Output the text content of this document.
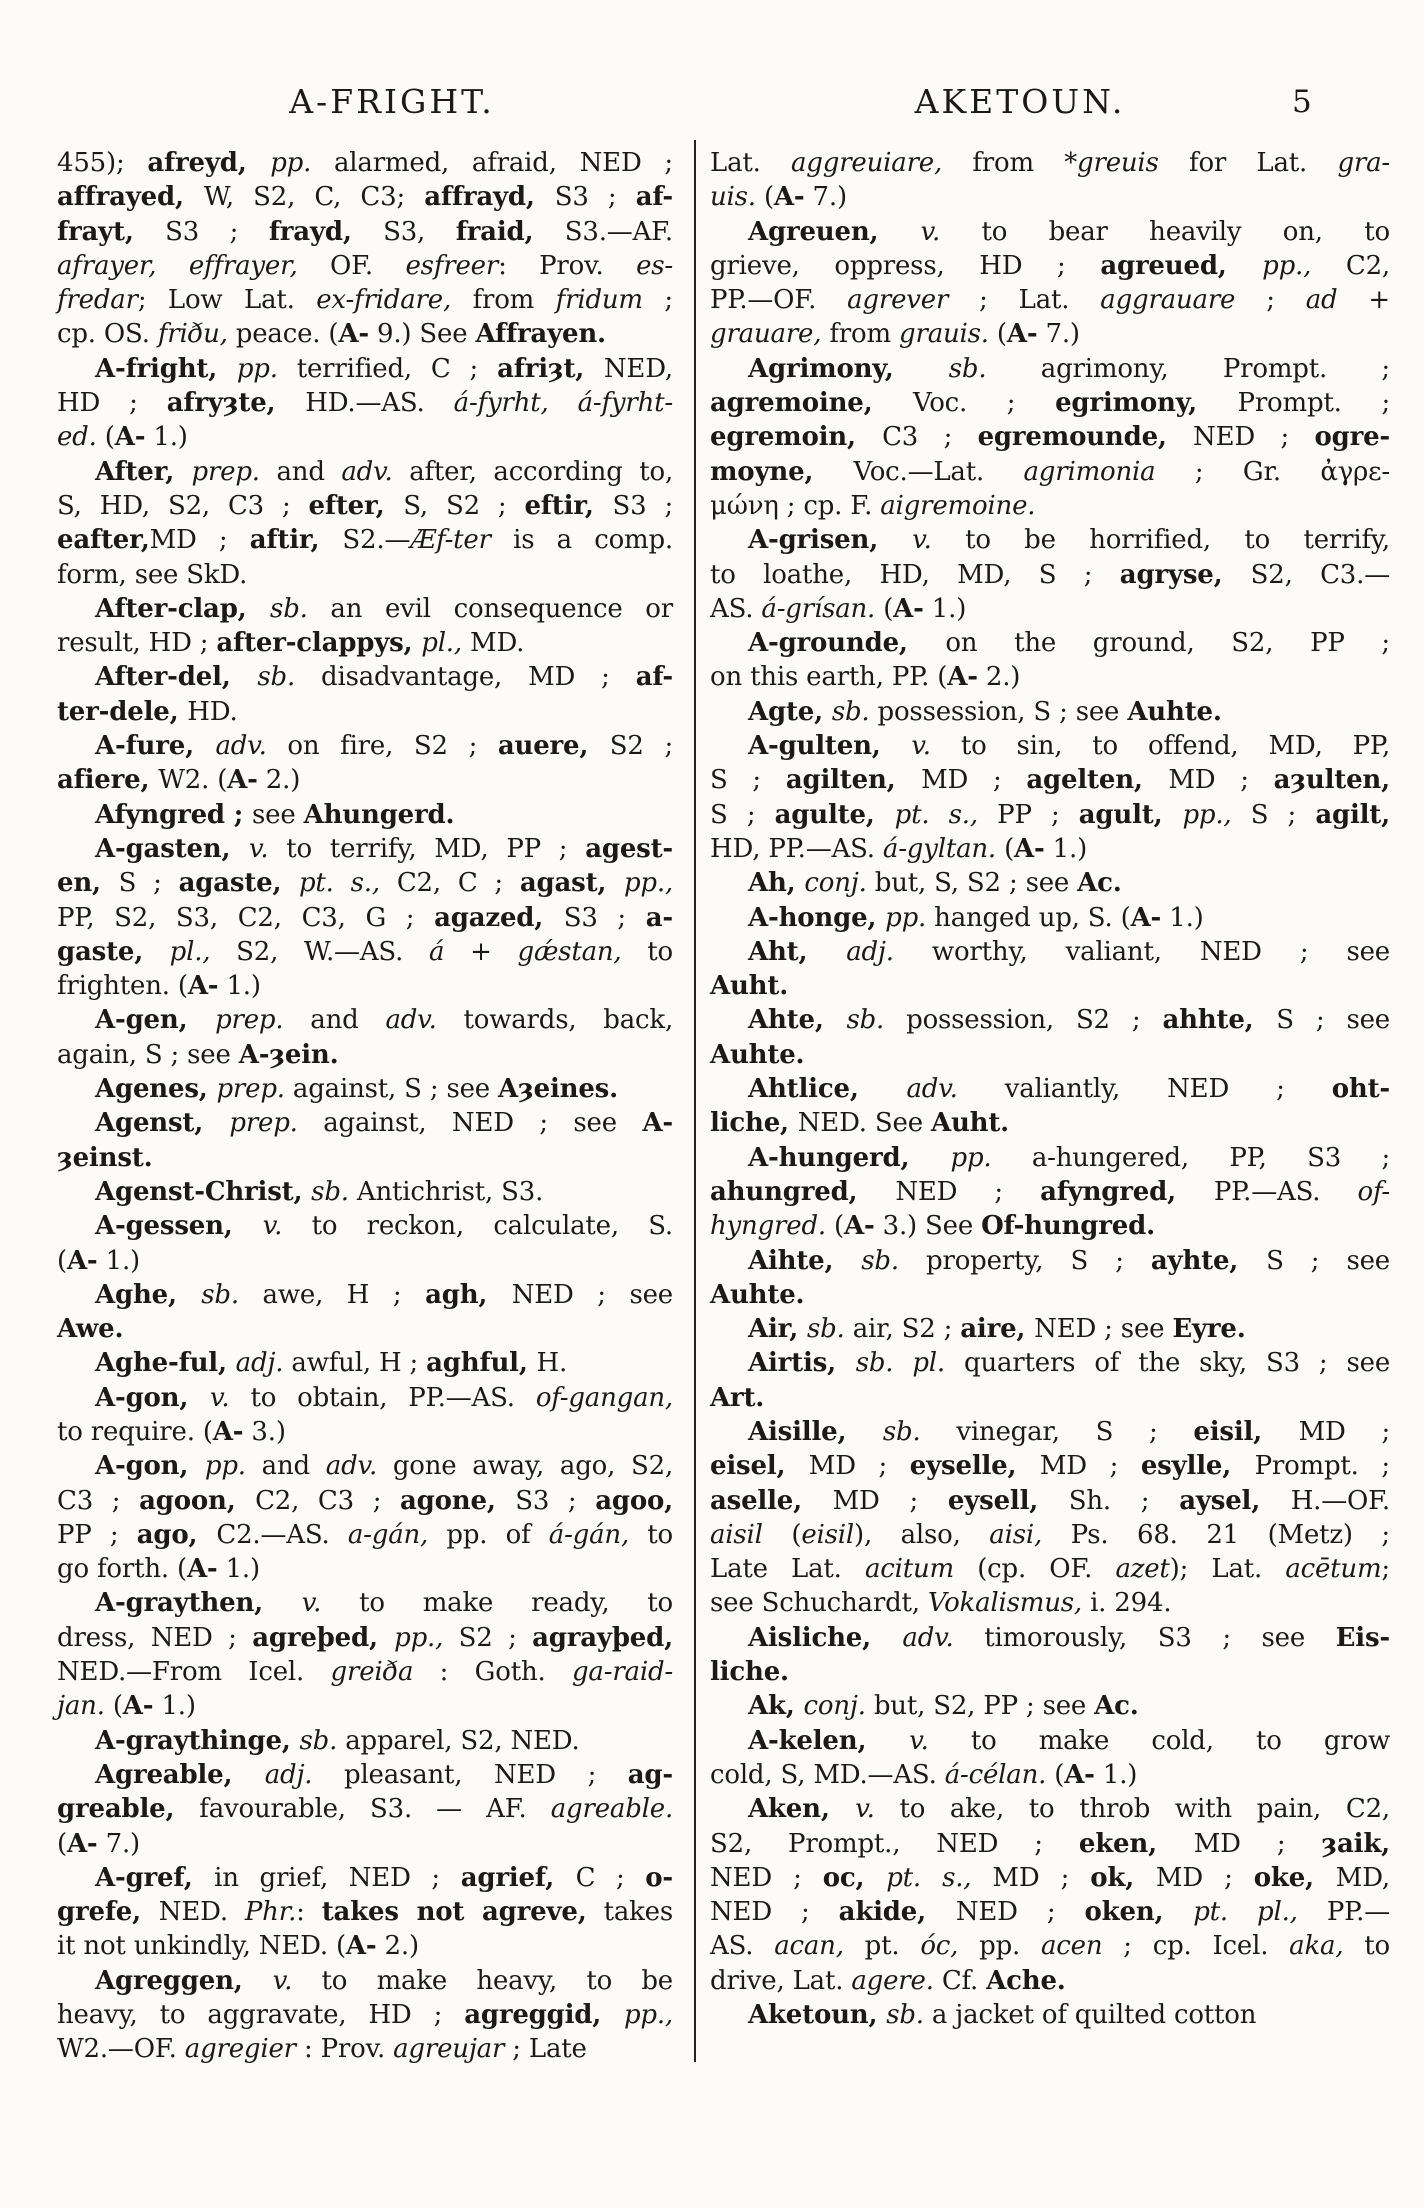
A-FRIGHT.	AKETOUN.	5
455); afreyd, pp. alarmed, afraid, NED ;
affrayed, W, S2, C, C3; affrayd, S3 ; af-
frayt, S3 ; frayd, S3, fraid, S3.—AF.
afrayer, effrayer, OF. esfreer: Prov. es-
fredar; Low Lat. ex-fridare, from fridum ;
cp. OS. friðu, peace. (A- 9.) See Affrayen.
A-fright, pp. terrified, C ; afriȝt, NED,
HD ; afryȝte, HD.—AS. á-fyrht, á-fyrht-
ed. (A- 1.)
After, prep. and adv. after, according to,
S, HD, S2, C3 ; efter, S, S2 ; eftir, S3 ;
eafter,MD ; aftir, S2.—Æf-ter is a comp.
form, see SkD.
After-clap, sb. an evil consequence or
result, HD ; after-clappys, pl., MD.
After-del, sb. disadvantage, MD ; af-
ter-dele, HD.
A-fure, adv. on fire, S2 ; auere, S2 ;
afiere, W2. (A- 2.)
Afyngred ; see Ahungerd.
A-gasten, v. to terrify, MD, PP ; agest-
en, S ; agaste, pt. s., C2, C ; agast, pp.,
PP, S2, S3, C2, C3, G ; agazed, S3 ; a-
gaste, pl., S2, W.—AS. á + gǽstan, to
frighten. (A- 1.)
A-gen, prep. and adv. towards, back,
again, S ; see A-ȝein.
Agenes, prep. against, S ; see Aȝeines.
Agenst, prep. against, NED ; see A-
ȝeinst.
Agenst-Christ, sb. Antichrist, S3.
A-gessen, v. to reckon, calculate, S.
(A- 1.)
Aghe, sb. awe, H ; agh, NED ; see
Awe.
Aghe-ful, adj. awful, H ; aghful, H.
A-gon, v. to obtain, PP.—AS. of-gangan,
to require. (A- 3.)
A-gon, pp. and adv. gone away, ago, S2,
C3 ; agoon, C2, C3 ; agone, S3 ; agoo,
PP ; ago, C2.—AS. a-gán, pp. of á-gán, to
go forth. (A- 1.)
A-graythen, v. to make ready, to
dress, NED ; agreþed, pp., S2 ; agrayþed,
NED.—From Icel. greiða : Goth. ga-raid-
jan. (A- 1.)
A-graythinge, sb. apparel, S2, NED.
Agreable, adj. pleasant, NED ; ag-
greable, favourable, S3. — AF. agreable.
(A- 7.)
A-gref, in grief, NED ; agrief, C ; o-
grefe, NED. Phr.: takes not agreve, takes
it not unkindly, NED. (A- 2.)
Agreggen, v. to make heavy, to be
heavy, to aggravate, HD ; agreggid, pp.,
W2.—OF. agregier : Prov. agreujar ; Late
Lat. aggreuiare, from *greuis for Lat. gra-
uis. (A- 7.)
Agreuen, v. to bear heavily on, to
grieve, oppress, HD ; agreued, pp., C2,
PP.—OF. agrever ; Lat. aggrauare ; ad +
grauare, from grauis. (A- 7.)
Agrimony, sb. agrimony, Prompt. ;
agremoine, Voc. ; egrimony, Prompt. ;
egremoin, C3 ; egremounde, NED ; ogre-
moyne, Voc.—Lat. agrimonia ; Gr. ἀγρε-
μώνη ; cp. F. aigremoine.
A-grisen, v. to be horrified, to terrify,
to loathe, HD, MD, S ; agryse, S2, C3.—
AS. á-grísan. (A- 1.)
A-grounde, on the ground, S2, PP ;
on this earth, PP. (A- 2.)
Agte, sb. possession, S ; see Auhte.
A-gulten, v. to sin, to offend, MD, PP,
S ; agilten, MD ; agelten, MD ; aȝulten,
S ; agulte, pt. s., PP ; agult, pp., S ; agilt,
HD, PP.—AS. á-gyltan. (A- 1.)
Ah, conj. but, S, S2 ; see Ac.
A-honge, pp. hanged up, S. (A- 1.)
Aht, adj. worthy, valiant, NED ; see
Auht.
Ahte, sb. possession, S2 ; ahhte, S ; see
Auhte.
Ahtlice, adv. valiantly, NED ; oht-
liche, NED. See Auht.
A-hungerd, pp. a-hungered, PP, S3 ;
ahungred, NED ; afyngred, PP.—AS. of-
hyngred. (A- 3.) See Of-hungred.
Aihte, sb. property, S ; ayhte, S ; see
Auhte.
Air, sb. air, S2 ; aire, NED ; see Eyre.
Airtis, sb. pl. quarters of the sky, S3 ; see
Art.
Aisille, sb. vinegar, S ; eisil, MD ;
eisel, MD ; eyselle, MD ; esylle, Prompt. ;
aselle, MD ; eysell, Sh. ; aysel, H.—OF.
aisil (eisil), also, aisi, Ps. 68. 21 (Metz) ;
Late Lat. acitum (cp. OF. azet); Lat. acētum;
see Schuchardt, Vokalismus, i. 294.
Aisliche, adv. timorously, S3 ; see Eis-
liche.
Ak, conj. but, S2, PP ; see Ac.
A-kelen, v. to make cold, to grow
cold, S, MD.—AS. á-célan. (A- 1.)
Aken, v. to ake, to throb with pain, C2,
S2, Prompt., NED ; eken, MD ; ȝaik,
NED ; oc, pt. s., MD ; ok, MD ; oke, MD,
NED ; akide, NED ; oken, pt. pl., PP.—
AS. acan, pt. óc, pp. acen ; cp. Icel. aka, to
drive, Lat. agere. Cf. Ache.
Aketoun, sb. a jacket of quilted cotton
